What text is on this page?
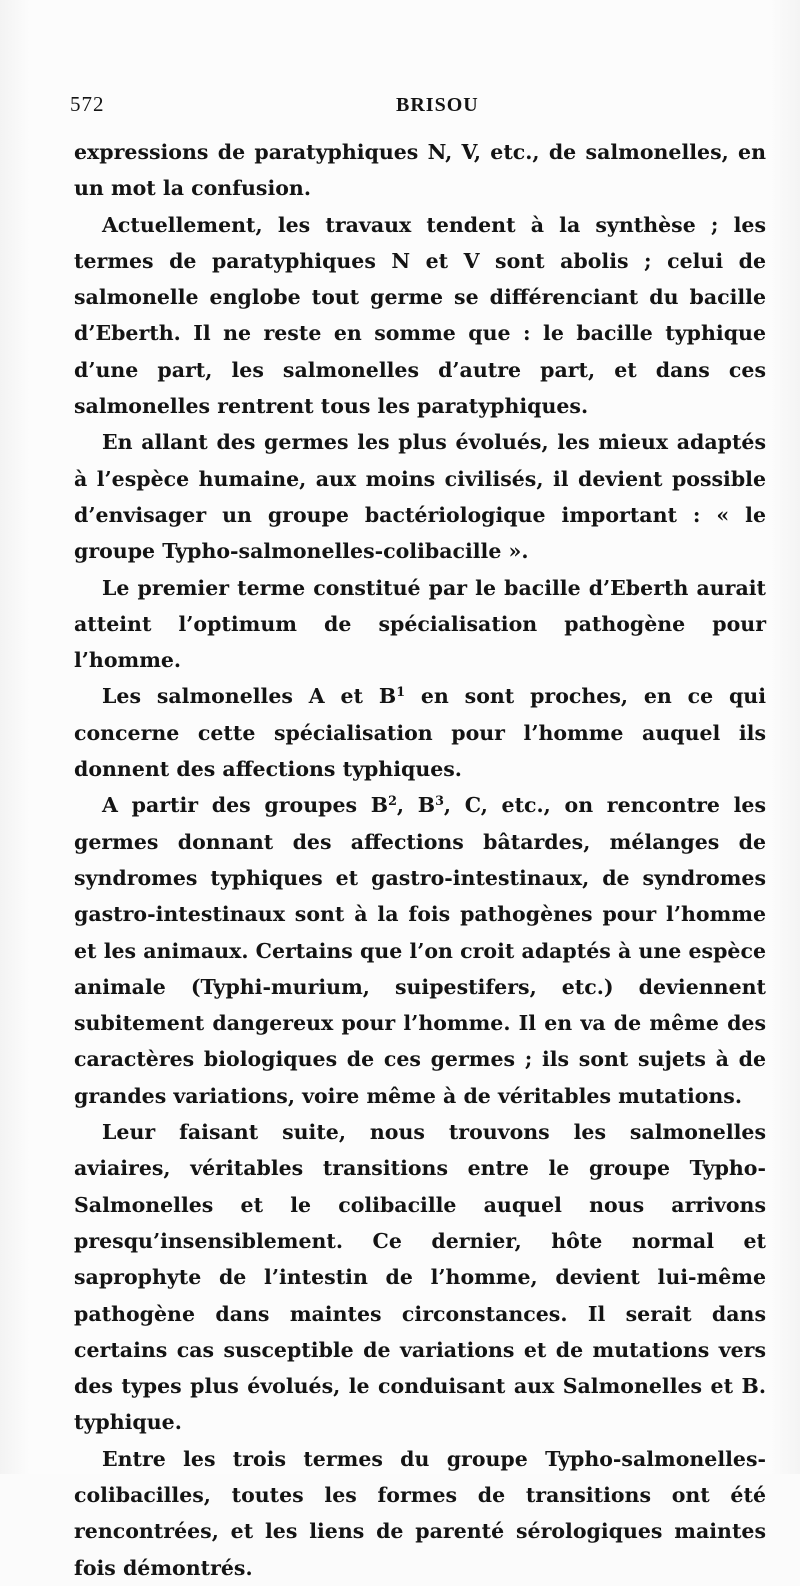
572	BRISOU

expressions de paratyphiques N, V, etc., de salmonelles, en un mot la confusion.

Actuellement, les travaux tendent à la synthèse ; les termes de paratyphiques N et V sont abolis ; celui de salmonelle englobe tout germe se différenciant du bacille d’Eberth. Il ne reste en somme que : le bacille typhique d’une part, les salmonelles d’autre part, et dans ces salmonelles rentrent tous les paratyphiques.

En allant des germes les plus évolués, les mieux adaptés à l’espèce humaine, aux moins civilisés, il devient possible d’envisager un groupe bactériologique important : « le groupe Typho-salmonelles-colibacille ».

Le premier terme constitué par le bacille d’Eberth aurait atteint l’optimum de spécialisation pathogène pour l’homme.

Les salmonelles A et $B^1$ en sont proches, en ce qui concerne cette spécialisation pour l’homme auquel ils donnent des affections typhiques.

A partir des groupes $B^2$, $B^3$, C, etc., on rencontre les germes donnant des affections bâtardes, mélanges de syndromes typhiques et gastro-intestinaux, de syndromes gastro-intestinaux sont à la fois pathogènes pour l’homme et les animaux. Certains que l’on croit adaptés à une espèce animale (Typhi-murium, suipestifers, etc.) deviennent subitement dangereux pour l’homme. Il en va de même des caractères biologiques de ces germes ; ils sont sujets à de grandes variations, voire même à de véritables mutations.

Leur faisant suite, nous trouvons les salmonelles aviaires, véritables transitions entre le groupe Typho-Salmonelles et le colibacille auquel nous arrivons presqu’insensiblement. Ce dernier, hôte normal et saprophyte de l’intestin de l’homme, devient lui-même pathogène dans maintes circonstances. Il serait dans certains cas susceptible de variations et de mutations vers des types plus évolués, le conduisant aux Salmonelles et B. typhique.

Entre les trois termes du groupe Typho-salmonelles-colibacilles, toutes les formes de transitions ont été rencontrées, et les liens de parenté sérologiques maintes fois démontrés.
